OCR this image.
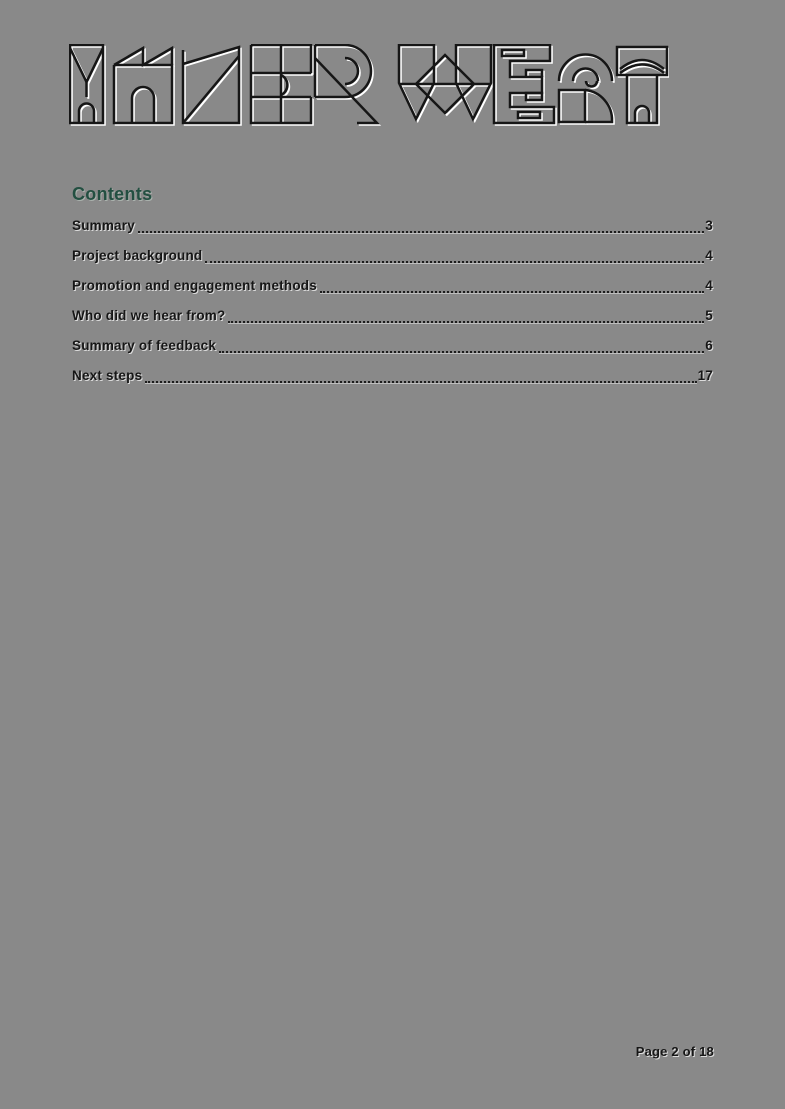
Contents
Summary	3
Project background	4
Promotion and engagement methods	4
Who did we hear from?	5
Summary of feedback	6
Next steps	17
Page 2 of 18
